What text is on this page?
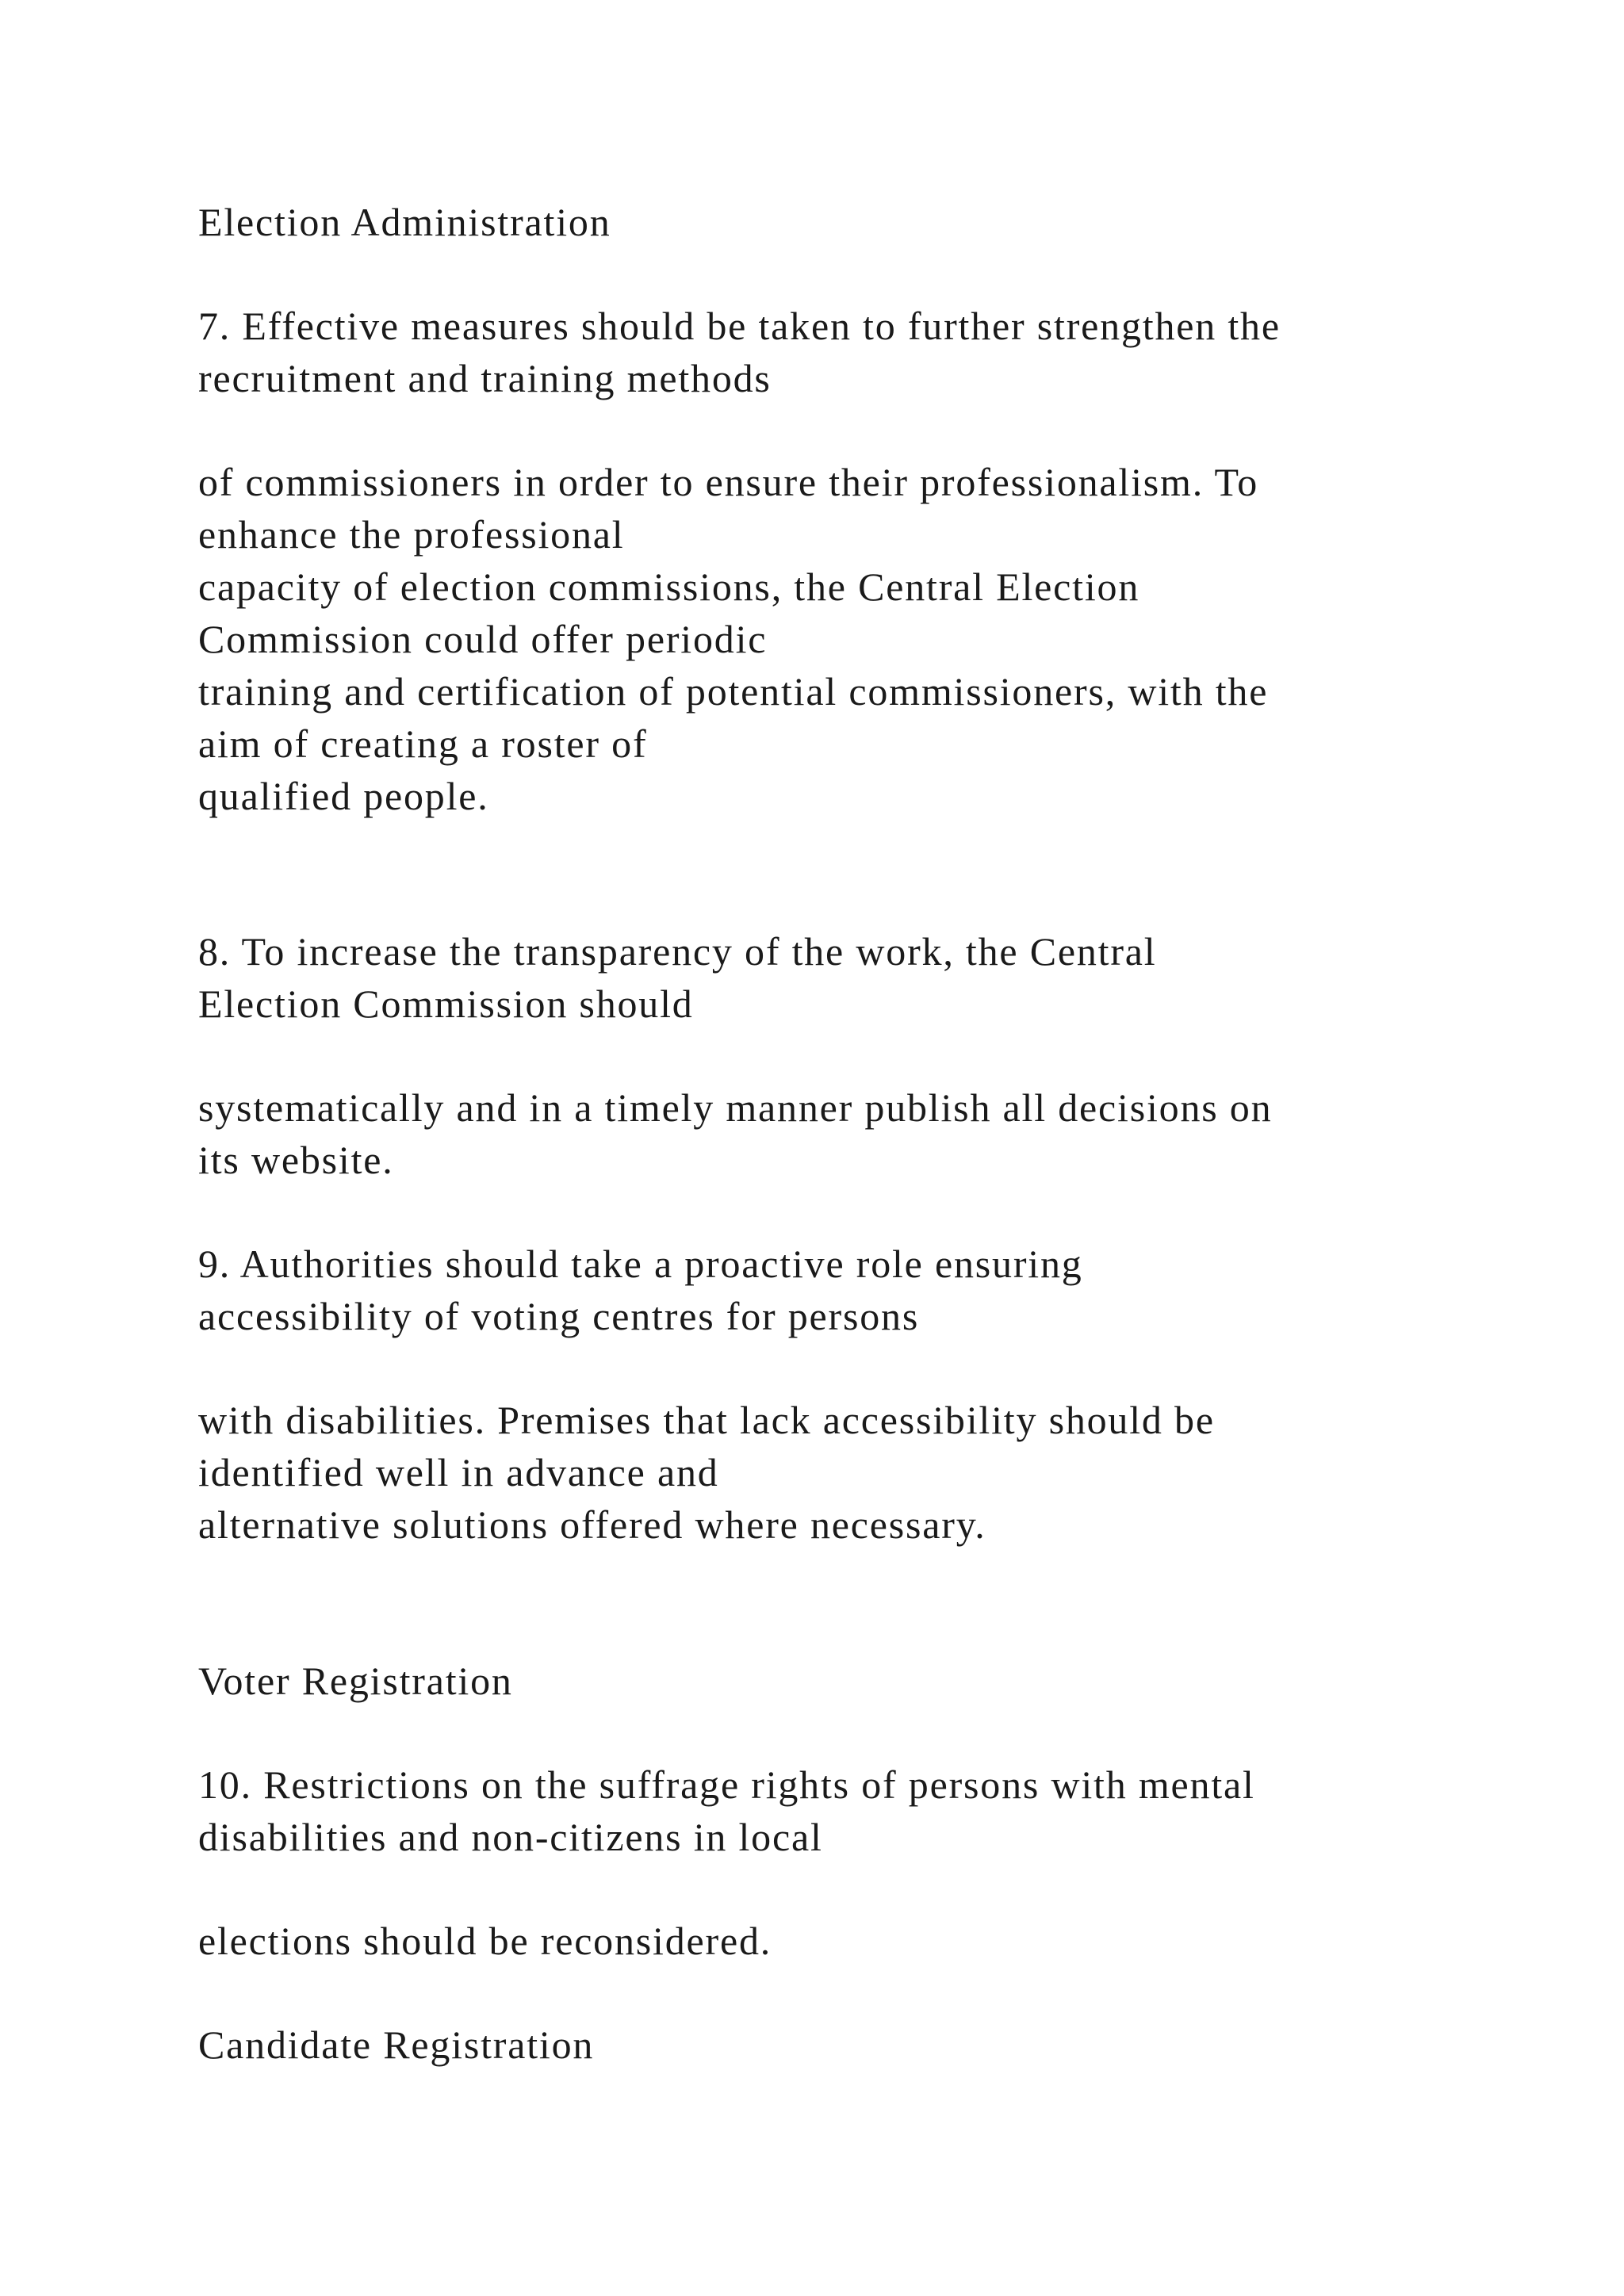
Election Administration

7. Effective measures should be taken to further strengthen the

recruitment and training methods

of commissioners in order to ensure their professionalism. To

enhance the professional

capacity of election commissions, the Central Election

Commission could offer periodic

training and certification of potential commissioners, with the

aim of creating a roster of

qualified people.

8. To increase the transparency of the work, the Central

Election Commission should

systematically and in a timely manner publish all decisions on

its website.

9. Authorities should take a proactive role ensuring

accessibility of voting centres for persons

with disabilities. Premises that lack accessibility should be

identified well in advance and

alternative solutions offered where necessary.

Voter Registration

10. Restrictions on the suffrage rights of persons with mental

disabilities and non-citizens in local

elections should be reconsidered.

Candidate Registration
